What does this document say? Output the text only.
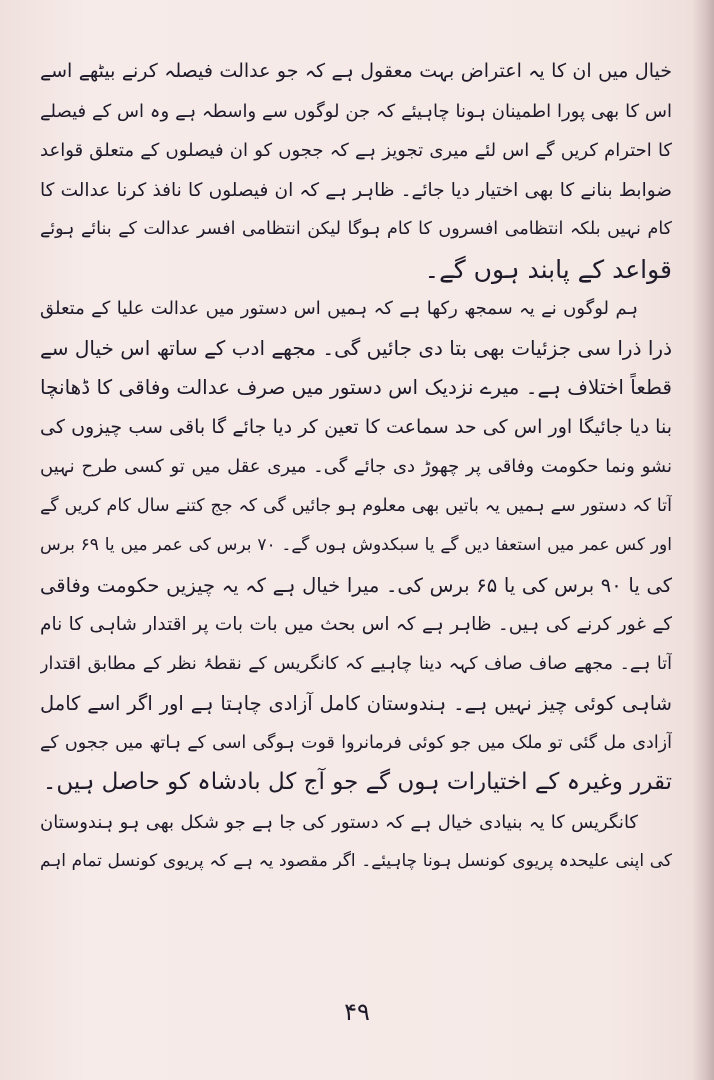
خیال میں ان کا یہ اعتراض بہت معقول ہے کہ جو عدالت فیصلہ کرنے بیٹھے اسے
اس کا بھی پورا اطمینان ہونا چاہیئے کہ جن لوگوں سے واسطہ ہے وہ اس کے فیصلے
کا احترام کریں گے اس لئے میری تجویز ہے کہ ججوں کو ان فیصلوں کے متعلق قواعد
ضوابط بنانے کا بھی اختیار دیا جائے۔ ظاہر ہے کہ ان فیصلوں کا نافذ کرنا عدالت کا
کام نہیں بلکہ انتظامی افسروں کا کام ہوگا لیکن انتظامی افسر عدالت کے بنائے ہوئے
قواعد کے پابند ہوں گے۔

ہم لوگوں نے یہ سمجھ رکھا ہے کہ ہمیں اس دستور میں عدالت علیا کے متعلق
ذرا ذرا سی جزئیات بھی بتا دی جائیں گی۔ مجھے ادب کے ساتھ اس خیال سے
قطعاً اختلاف ہے۔ میرے نزدیک اس دستور میں صرف عدالت وفاقی کا ڈھانچا
بنا دیا جائیگا اور اس کی حد سماعت کا تعین کر دیا جائے گا باقی سب چیزوں کی
نشو ونما حکومت وفاقی پر چھوڑ دی جائے گی۔ میری عقل میں تو کسی طرح نہیں
آتا کہ دستور سے ہمیں یہ باتیں بھی معلوم ہو جائیں گی کہ جج کتنے سال کام کریں گے
اور کس عمر میں استعفا دیں گے یا سبکدوش ہوں گے۔ ۷۰ برس کی عمر میں یا ۶۹ برس
کی یا ۹۰ برس کی یا ۶۵ برس کی۔ میرا خیال ہے کہ یہ چیزیں حکومت وفاقی
کے غور کرنے کی ہیں۔ ظاہر ہے کہ اس بحث میں بات بات پر اقتدار شاہی کا نام
آتا ہے۔ مجھے صاف صاف کہہ دینا چاہیے کہ کانگریس کے نقطۂ نظر کے مطابق اقتدار
شاہی کوئی چیز نہیں ہے۔ ہندوستان کامل آزادی چاہتا ہے اور اگر اسے کامل
آزادی مل گئی تو ملک میں جو کوئی فرمانروا قوت ہوگی اسی کے ہاتھ میں ججوں کے
تقرر وغیرہ کے اختیارات ہوں گے جو آج کل بادشاہ کو حاصل ہیں۔

کانگریس کا یہ بنیادی خیال ہے کہ دستور کی جا ہے جو شکل بھی ہو ہندوستان
کی اپنی علیحدہ پریوی کونسل ہونا چاہیئے۔ اگر مقصود یہ ہے کہ پریوی کونسل تمام اہم

۴۹
